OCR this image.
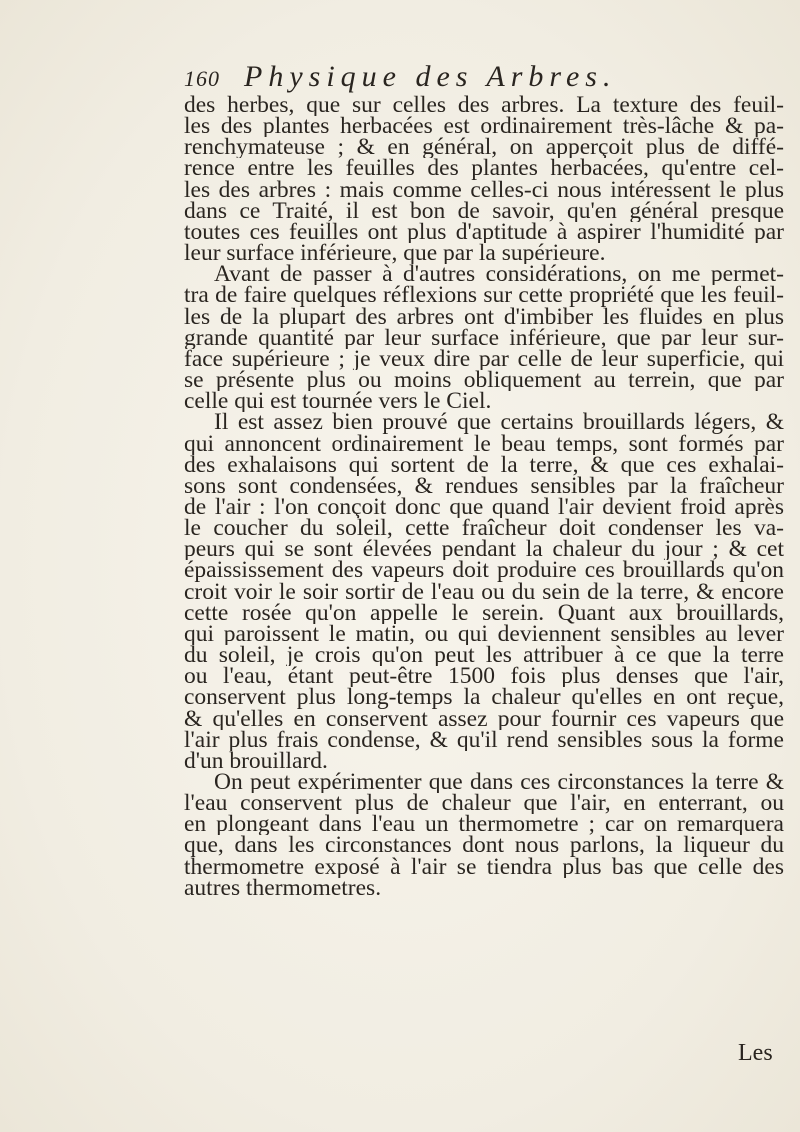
160 Physique des Arbres.
des herbes, que sur celles des arbres. La texture des feuil-
les des plantes herbacées est ordinairement très-lâche & pa-
renchymateuse ; & en général, on apperçoit plus de diffé-
rence entre les feuilles des plantes herbacées, qu'entre cel-
les des arbres : mais comme celles-ci nous intéressent le plus
dans ce Traité, il est bon de savoir, qu'en général presque
toutes ces feuilles ont plus d'aptitude à aspirer l'humidité par
leur surface inférieure, que par la supérieure.
Avant de passer à d'autres considérations, on me permet-
tra de faire quelques réflexions sur cette propriété que les feuil-
les de la plupart des arbres ont d'imbiber les fluides en plus
grande quantité par leur surface inférieure, que par leur sur-
face supérieure ; je veux dire par celle de leur superficie, qui
se présente plus ou moins obliquement au terrein, que par
celle qui est tournée vers le Ciel.
Il est assez bien prouvé que certains brouillards légers, &
qui annoncent ordinairement le beau temps, sont formés par
des exhalaisons qui sortent de la terre, & que ces exhalai-
sons sont condensées, & rendues sensibles par la fraîcheur
de l'air : l'on conçoit donc que quand l'air devient froid après
le coucher du soleil, cette fraîcheur doit condenser les va-
peurs qui se sont élevées pendant la chaleur du jour ; & cet
épaississement des vapeurs doit produire ces brouillards qu'on
croit voir le soir sortir de l'eau ou du sein de la terre, & encore
cette rosée qu'on appelle le serein. Quant aux brouillards,
qui paroissent le matin, ou qui deviennent sensibles au lever
du soleil, je crois qu'on peut les attribuer à ce que la terre
ou l'eau, étant peut-être 1500 fois plus denses que l'air,
conservent plus long-temps la chaleur qu'elles en ont reçue,
& qu'elles en conservent assez pour fournir ces vapeurs que
l'air plus frais condense, & qu'il rend sensibles sous la forme
d'un brouillard.
On peut expérimenter que dans ces circonstances la terre &
l'eau conservent plus de chaleur que l'air, en enterrant, ou
en plongeant dans l'eau un thermometre ; car on remarquera
que, dans les circonstances dont nous parlons, la liqueur du
thermometre exposé à l'air se tiendra plus bas que celle des
autres thermometres.
Les
